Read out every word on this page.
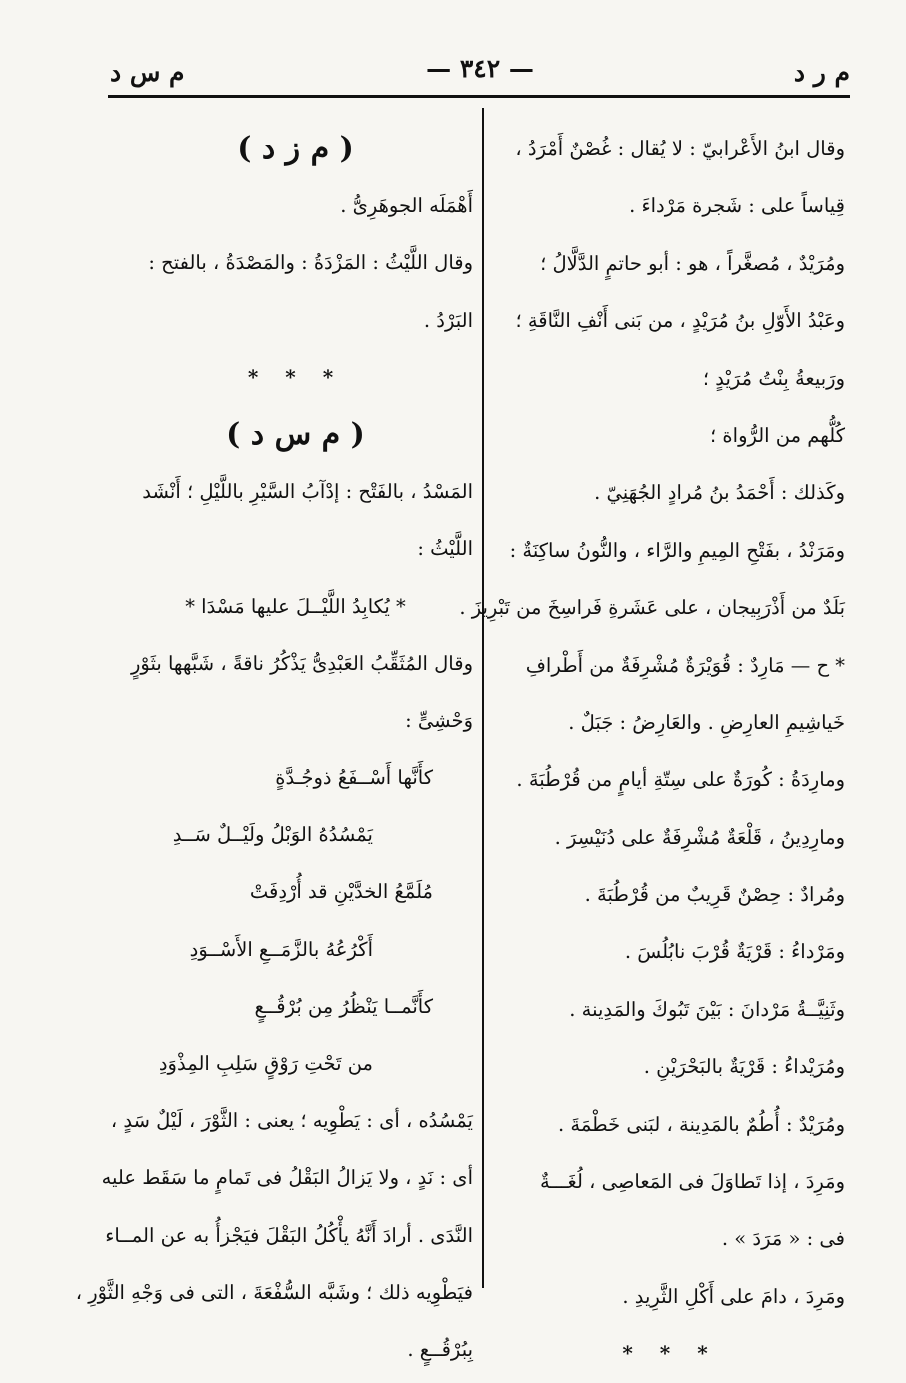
م ر د
— ٣٤٢ —
م س د
وقال ابنُ الأَعْرابيّ : لا يُقال : غُصْنٌ أَمْرَدُ ،
قِياساً على : شَجرة مَرْداءَ .
ومُرَيْدٌ ، مُصغَّراً ، هو : أبو حاتمٍ الدَّلَّالُ ؛
وعَبْدُ الأَوّلِ بنُ مُرَيْدٍ ، من بَنى أَنْفِ النَّاقَةِ ؛
ورَبيعةُ بِنْتُ مُرَيْدٍ ؛
كُلُّهم من الرُّواة ؛
وكَذلك : أَحْمَدُ بنُ مُرادٍ الجُهَنِيّ .
ومَرَنْدُ ، بفَتْحِ المِيمِ والرَّاء ، والنُّونُ ساكِنَةٌ :
بَلَدٌ من أَذْرَبِيجان ، على عَشَرةِ فَراسِخَ من تَبْرِيزَ .
* ح — مَارِدٌ : قُوَيْرَةٌ مُشْرِفَةٌ من أَطْرافِ
خَياشِيمِ العارِضِ . والعَارِضُ : جَبَلٌ .
ومارِدَةُ : كُورَةٌ على سِتّةِ أيامٍ من قُرْطُبَةَ .
ومارِدِينُ ، قَلْعَةٌ مُشْرِفَةٌ على دُنَيْسِرَ .
ومُرادٌ : حِصْنٌ قَرِيبٌ من قُرْطُبَةَ .
ومَرْداءُ : قَرْيَةٌ قُرْبَ نابُلُسَ .
وثَنِيَّــةُ مَرْدانَ : بَيْنَ تَبُوكَ والمَدِينة .
ومُرَيْداءُ : قَرْيَةٌ بالبَحْرَيْنِ .
ومُرَيْدٌ : أُطُمٌ بالمَدِينة ، لبَنى خَطْمَةَ .
ومَرِدَ ، إذا تَطاوَلَ فى المَعاصِى ، لُغَـــةٌ
فى : « مَرَدَ » .
ومَرِدَ ، دامَ على أَكْلِ الثَّرِيدِ .
* * *
( م ز د )
أَهْمَلَه الجوهَرِىُّ .
وقال اللَّيْثُ : المَزْدَةُ : والمَصْدَةُ ، بالفتح :
البَرْدُ .
* * *
( م س د )
المَسْدُ ، بالفَتْح : إدْآبُ السَّيْرِ باللَّيْلِ ؛ أَنْشَد
اللَّيْثُ :
* يُكابِدُ اللَّيْــلَ عليها مَسْدَا *
وقال المُثَقِّبُ العَبْدِىُّ يَذْكُرُ ناقةً ، شَبَّهها بثَوْرٍ
وَحْشِىٍّ :
كأَنَّها أَسْــفَعُ ذوجُـدَّةٍ
يَمْسُدُهُ الوَبْلُ ولَيْــلٌ سَــدِ
مُلَمَّعُ الخدَّيْنِ قد أُرْدِفَتْ
أَكْرُعُهُ بالزَّمَــعِ الأَسْــوَدِ
كأَنَّمــا يَنْظُرُ مِن بُرْقُــعٍ
من تَحْتِ رَوْقٍ سَلِبِ المِذْوَدِ
يَمْسُدُه ، أى : يَطْوِيه ؛ يعنى : الثَّوْرَ ، لَيْلٌ سَدٍ ،
أى : نَدٍ ، ولا يَزالُ البَقْلُ فى تَمامٍ ما سَقَط عليه
النَّدَى . أرادَ أَنَّهُ يأْكُلُ البَقْلَ فيَجْزأُ به عن المــاء
فيَطْوِيه ذلك ؛ وشَبَّه السُّفْعَةَ ، التى فى وَجْهِ الثَّوْرِ ،
بِبُرْقُــعٍ .
